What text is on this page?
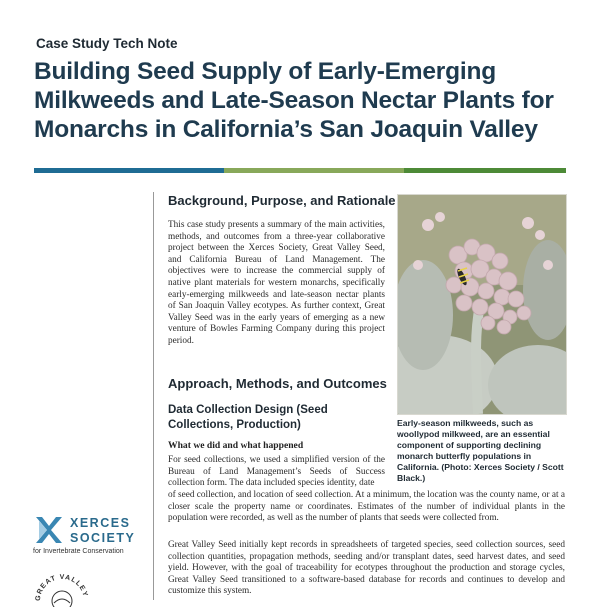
Case Study Tech Note
Building Seed Supply of Early-Emerging
Milkweeds and Late-Season Nectar Plants for
Monarchs in California’s San Joaquin Valley
Background, Purpose, and Rationale
This case study presents a summary of the main activities, methods, and outcomes from a three-year collaborative project between the Xerces Society, Great Valley Seed, and California Bureau of Land Management. The objectives were to increase the commercial supply of native plant materials for western monarchs, specifically early-emerging milkweeds and late-season nectar plants of San Joaquin Valley ecotypes. As further context, Great Valley Seed was in the early years of emerging as a new venture of Bowles Farming Company during this project period.
Approach, Methods, and Outcomes
Data Collection Design (Seed Collections, Production)
What we did and what happened
For seed collections, we used a simplified version of the Bureau of Land Management’s Seeds of Success collection form. The data included species identity, date
of seed collection, and location of seed collection. At a minimum, the location was the county name, or at a closer scale the property name or coordinates. Estimates of the number of individual plants in the population were recorded, as well as the number of plants that seeds were collected from.
Great Valley Seed initially kept records in spreadsheets of targeted species, seed collection sources, seed collection quantities, propagation methods, seeding and/or transplant dates, seed harvest dates, and seed yield. However, with the goal of traceability for ecotypes throughout the production and storage cycles, Great Valley Seed transitioned to a software-based database for records and continues to develop and customize this system.
Early-season milkweeds, such as woollypod milkweed, are an essential component of supporting declining monarch butterfly populations in California. (Photo: Xerces Society / Scott Black.)
XERCES
SOCIETY
for Invertebrate Conservation
GREAT VALLEY
